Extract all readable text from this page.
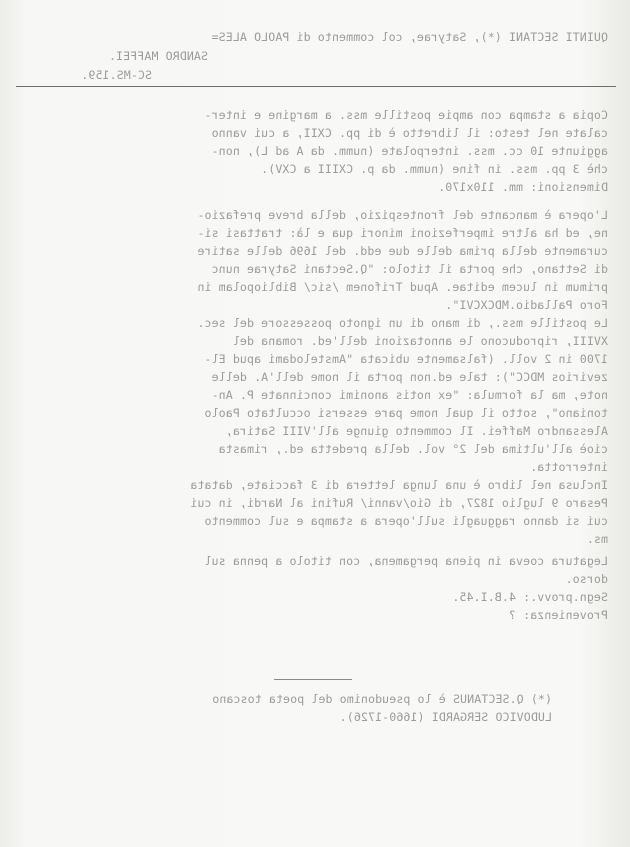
QUINTI SECTANI (*), Satyrae, col commento di PAOLO ALES=

SANDRO MAFFEI.

SC-MS.159.

Copia a stampa con ampie postille mss. a margine e inter-

calate nel testo: il libretto è di pp. CXII, a cui vanno

aggiunte 10 cc. mss. interpolate (numm. da A ad L), non-

chè 3 pp. mss. in fine (numm. da p. CXIII a CXV).

Dimensioni: mm. 110x170.

L'opera è mancante del frontespizio, della breve prefazio-

ne, ed ha altre imperfezioni minori qua e là: trattasi si-

curamente della prima delle due edd. del 1696 delle satire

di Settano, che porta il titolo: "Q.Sectani Satyrae nunc

primum in lucem editae. Apud Trifonem /sic/ Bibliopolam in

Foro Palladio.MDCXCVI".

Le postille mss., di mano di un ignoto possessore del sec.

XVIII, riproducono le annotazioni dell'ed. romana del

1700 in 2 voll. (falsamente ubicata "Amstelodami apud El-

zevirios MDCC"): tale ed.non porta il nome dell'A. delle

note, ma la formula: "ex notis anonimi concinnate P. An-

toniano", sotto il qual nome pare essersi occultato Paolo

Alessandro Maffei. Il commento giunge all'VIII Satira,

cioè all'ultima del 2° vol. della predetta ed., rimasta

interrotta.

Inclusa nel libro è una lunga lettera di 3 facciate, datata

Pesaro 9 luglio 1827, di Gio/vanni/ Rufini al Nardi, in cui

cui si danno ragguagli sull'opera a stampa e sul commento

ms.

Legatura coeva in piena pergamena, con titolo a penna sul

dorso.

Segn.provv.: 4.B.I.45.

Provenienza: ?

(*) Q.SECTANUS è lo pseudonimo del poeta toscano

LUDOVICO SERGARDI (1660-1726).
